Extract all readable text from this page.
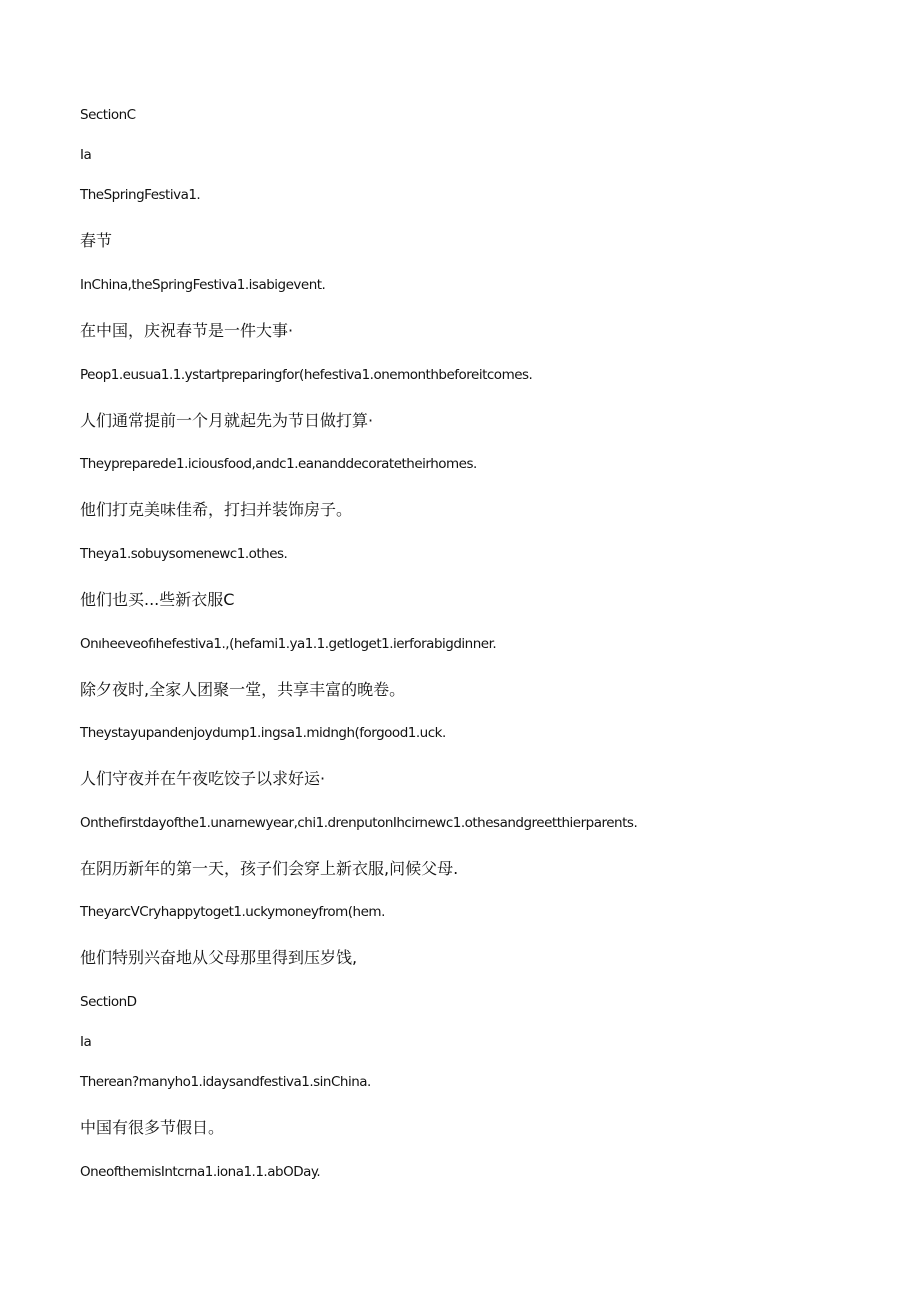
SectionC

Ia

TheSpringFestiva1.

春节

InChina,theSpringFestiva1.isabigevent.

在中国，庆祝春节是一件大事·

Peop1.eusua1.1.ystartpreparingfor(hefestiva1.onemonthbeforeitcomes.

人们通常提前一个月就起先为节日做打算·

Theypreparede1.iciousfood,andc1.eananddecoratetheirhomes.

他们打克美味佳希，打扫并装饰房子。

Theya1.sobuysomenewc1.othes.

他们也买...些新衣服C

Onıheeveofıhefestiva1.,(hefami1.ya1.1.getIoget1.ierforabigdinner.

除夕夜时,全家人团聚一堂，共享丰富的晚卷。

Theystayupandenjoydump1.ingsa1.midngh(forgood1.uck.

人们守夜并在午夜吃饺子以求好运·

Onthefirstdayofthe1.unarnewyear,chi1.drenputonIhcirnewc1.othesandgreetthierparents.

在阴历新年的第一天，孩子们会穿上新衣服,问候父母.

TheyarcVCryhappytoget1.uckymoneyfrom(hem.

他们特别兴奋地从父母那里得到压岁饯,

SectionD

Ia

Therean?manyho1.idaysandfestiva1.sinChina.

中国有很多节假日。

OneofthemisIntcrna1.iona1.1.abODay.
